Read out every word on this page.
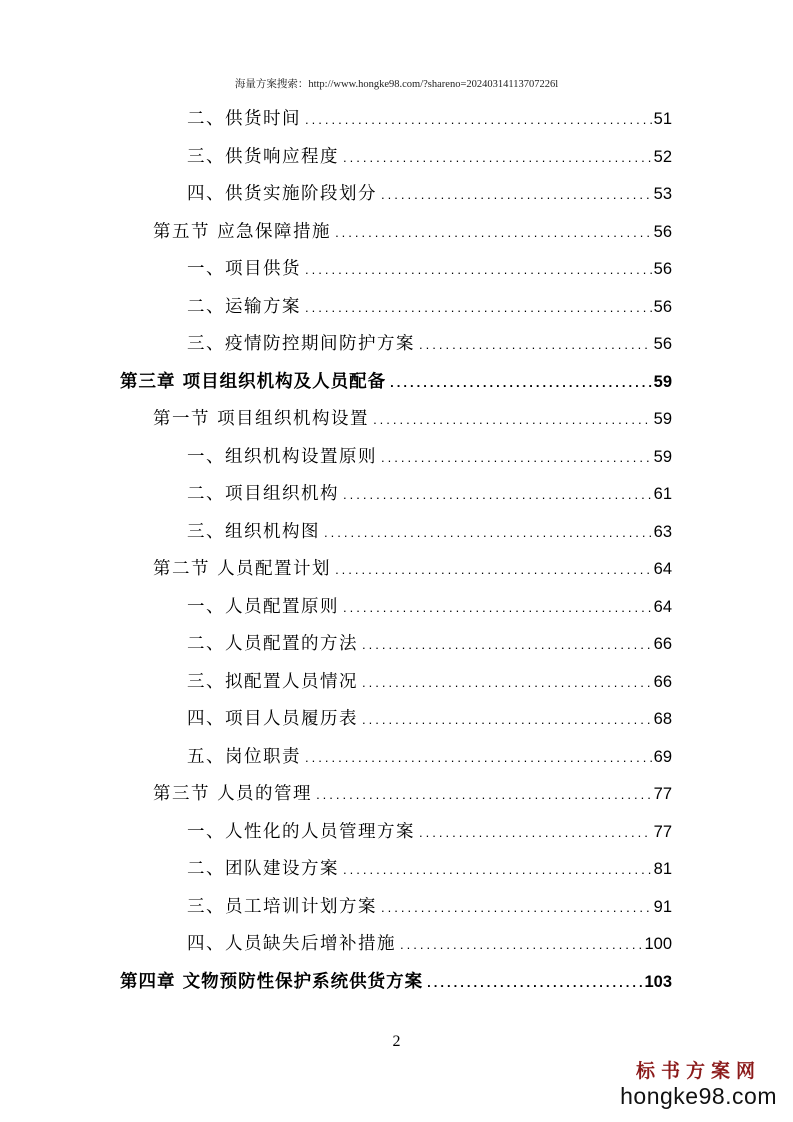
海量方案搜索：http://www.hongke98.com/?shareno=20240314113707226l
二、供货时间 . . .	51
三、供货响应程度 . . .	52
四、供货实施阶段划分 . . .	53
第五节 应急保障措施 . . .	56
一、项目供货 . . .	56
二、运输方案 . . .	56
三、疫情防控期间防护方案 . . .	56
第三章 项目组织机构及人员配备 . . .	59
第一节 项目组织机构设置 . . .	59
一、组织机构设置原则 . . .	59
二、项目组织机构 . . .	61
三、组织机构图 . . .	63
第二节 人员配置计划 . . .	64
一、人员配置原则 . . .	64
二、人员配置的方法 . . .	66
三、拟配置人员情况 . . .	66
四、项目人员履历表 . . .	68
五、岗位职责 . . .	69
第三节 人员的管理 . . .	77
一、人性化的人员管理方案 . . .	77
二、团队建设方案 . . .	81
三、员工培训计划方案 . . .	91
四、人员缺失后增补措施 . . .	100
第四章 文物预防性保护系统供货方案 . . .	103
2
标书方案网
hongke98.com
